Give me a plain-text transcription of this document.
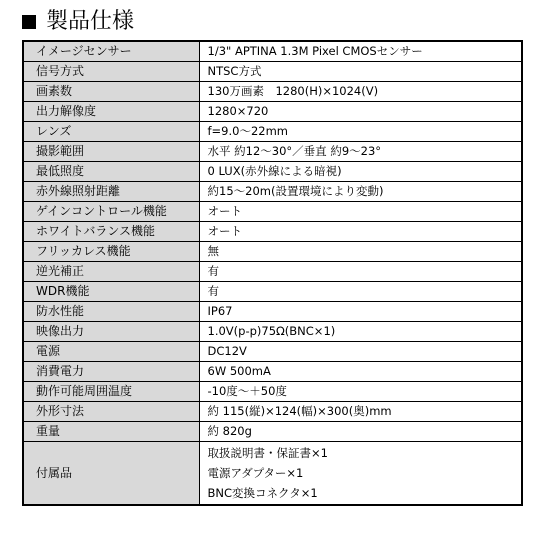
製品仕様
イメージセンサー	1/3" APTINA 1.3M Pixel CMOSセンサー
信号方式	NTSC方式
画素数	130万画素　1280(H)×1024(V)
出力解像度	1280×720
レンズ	f=9.0～22mm
撮影範囲	水平 約12～30°／垂直 約9～23°
最低照度	0 LUX(赤外線による暗視)
赤外線照射距離	約15～20m(設置環境により変動)
ゲインコントロール機能	オート
ホワイトバランス機能	オート
フリッカレス機能	無
逆光補正	有
WDR機能	有
防水性能	IP67
映像出力	1.0V(p-p)75Ω(BNC×1)
電源	DC12V
消費電力	6W 500mA
動作可能周囲温度	-10度～＋50度
外形寸法	約 115(縦)×124(幅)×300(奥)mm
重量	約 820g
付属品	取扱説明書・保証書×1
電源アダプター×1
BNC変換コネクタ×1
